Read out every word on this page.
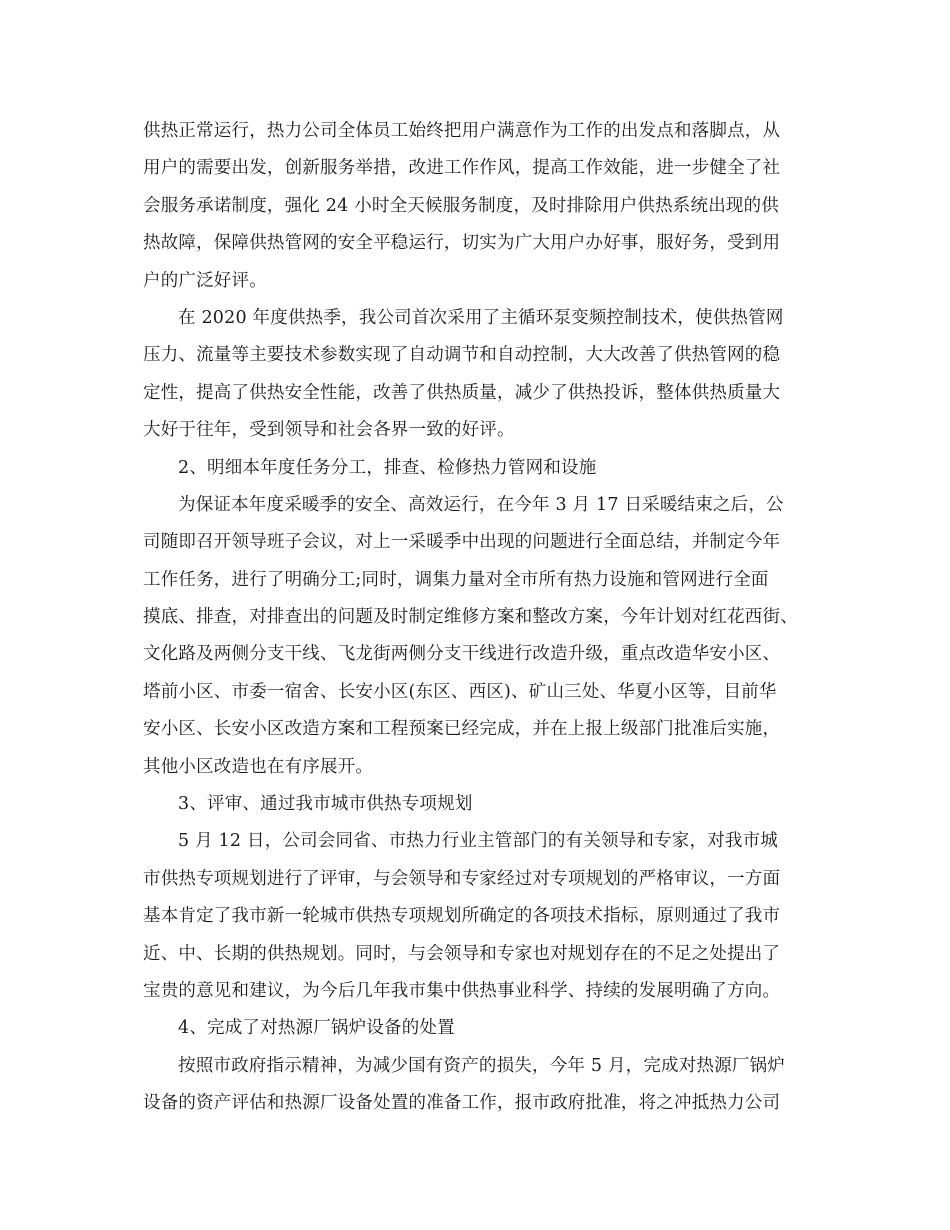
供热正常运行，热力公司全体员工始终把用户满意作为工作的出发点和落脚点，从
用户的需要出发，创新服务举措，改进工作作风，提高工作效能，进一步健全了社
会服务承诺制度，强化 24 小时全天候服务制度，及时排除用户供热系统出现的供
热故障，保障供热管网的安全平稳运行，切实为广大用户办好事，服好务，受到用
户的广泛好评。
在 2020 年度供热季，我公司首次采用了主循环泵变频控制技术，使供热管网
压力、流量等主要技术参数实现了自动调节和自动控制，大大改善了供热管网的稳
定性，提高了供热安全性能，改善了供热质量，减少了供热投诉，整体供热质量大
大好于往年，受到领导和社会各界一致的好评。
2、明细本年度任务分工，排查、检修热力管网和设施
为保证本年度采暖季的安全、高效运行，在今年 3 月 17 日采暖结束之后，公
司随即召开领导班子会议，对上一采暖季中出现的问题进行全面总结，并制定今年
工作任务，进行了明确分工;同时，调集力量对全市所有热力设施和管网进行全面
摸底、排查，对排查出的问题及时制定维修方案和整改方案，今年计划对红花西街、
文化路及两侧分支干线、飞龙街两侧分支干线进行改造升级，重点改造华安小区、
塔前小区、市委一宿舍、长安小区(东区、西区)、矿山三处、华夏小区等，目前华
安小区、长安小区改造方案和工程预案已经完成，并在上报上级部门批准后实施，
其他小区改造也在有序展开。
3、评审、通过我市城市供热专项规划
5 月 12 日，公司会同省、市热力行业主管部门的有关领导和专家，对我市城
市供热专项规划进行了评审，与会领导和专家经过对专项规划的严格审议，一方面
基本肯定了我市新一轮城市供热专项规划所确定的各项技术指标，原则通过了我市
近、中、长期的供热规划。同时，与会领导和专家也对规划存在的不足之处提出了
宝贵的意见和建议，为今后几年我市集中供热事业科学、持续的发展明确了方向。
4、完成了对热源厂锅炉设备的处置
按照市政府指示精神，为减少国有资产的损失，今年 5 月，完成对热源厂锅炉
设备的资产评估和热源厂设备处置的准备工作，报市政府批准，将之冲抵热力公司
